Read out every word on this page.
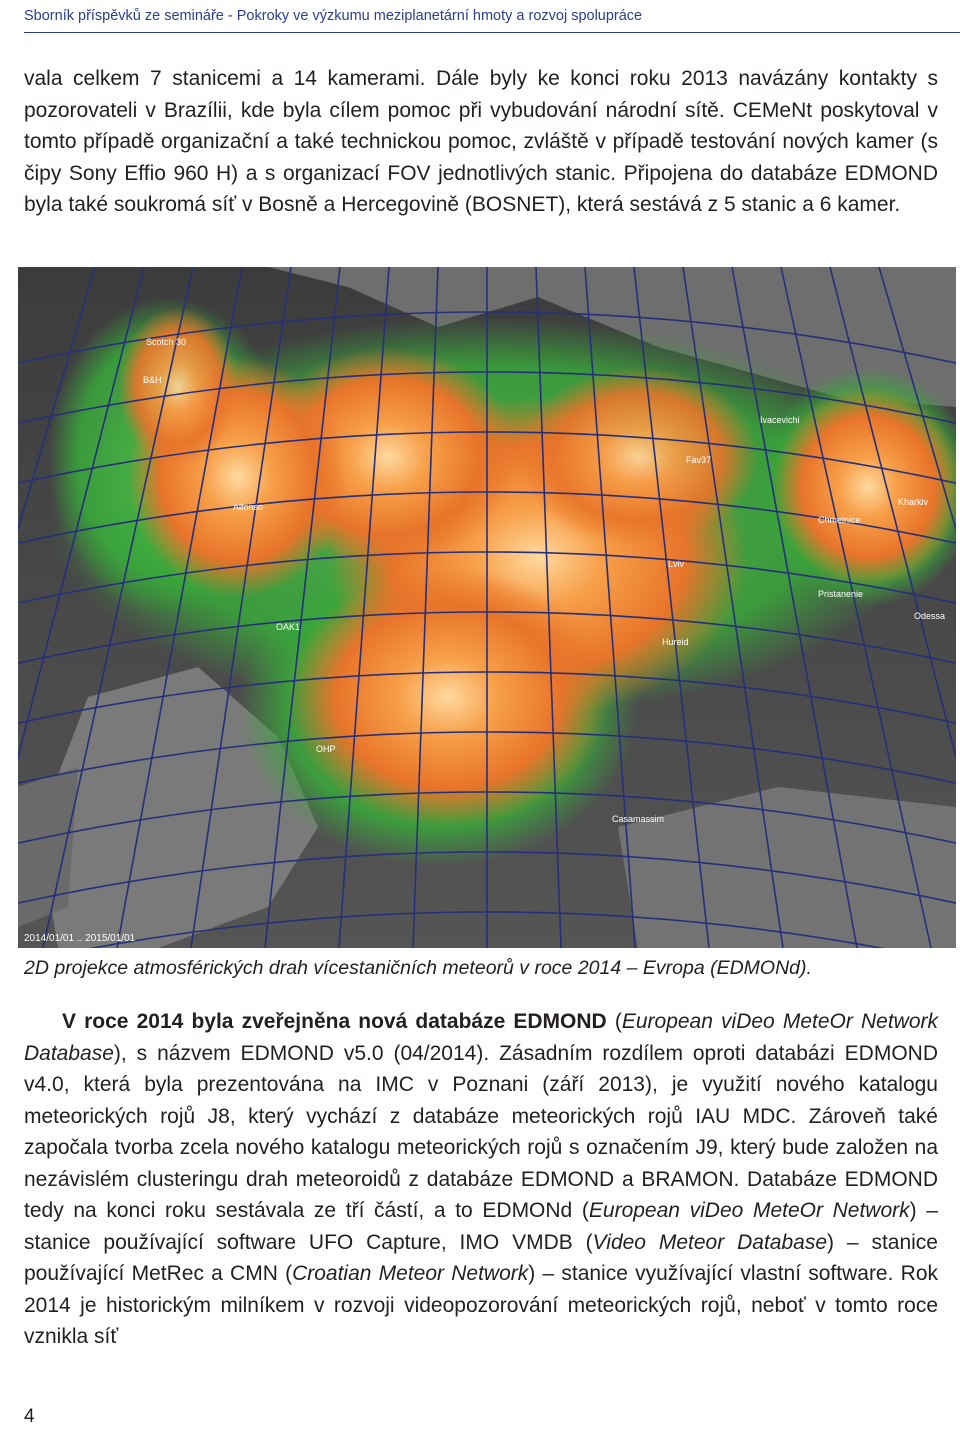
Sborník příspěvků ze semináře - Pokroky ve výzkumu meziplanetární hmoty a rozvoj spolupráce
vala celkem 7 stanicemi a 14 kamerami. Dále byly ke konci roku 2013 navázány kontakty s pozorovateli v Brazílii, kde byla cílem pomoc při vybudování národní sítě. CEMeNt poskytoval v tomto případě organizační a také technickou pomoc, zvláště v případě testování nových kamer (s čipy Sony Effio 960 H) a s organizací FOV jednotlivých stanic. Připojena do databáze EDMOND byla také soukromá síť v Bosně a Hercegovině (BOSNET), která sestává z 5 stanic a 6 kamer.
Scotch 30
B&H
Ivacevichi
Fav37
Chmelnice
Kharkiv
Odessa
Pristanenie
Hureid
OAK1
OHP
Casamassim
Lviv
Alfonso
2014/01/01 .. 2015/01/01
2D projekce atmosférických drah vícestaničních meteorů v roce 2014 – Evropa (EDMONd).
V roce 2014 byla zveřejněna nová databáze EDMOND (European viDeo MeteOr Network Database), s názvem EDMOND v5.0 (04/2014). Zásadním rozdílem oproti databázi EDMOND v4.0, která byla prezentována na IMC v Poznani (září 2013), je využití nového katalogu meteorických rojů J8, který vychází z databáze meteorických rojů IAU MDC. Zároveň také započala tvorba zcela nového katalogu meteorických rojů s označením J9, který bude založen na nezávislém clusteringu drah meteoroidů z databáze EDMOND a BRAMON. Databáze EDMOND tedy na konci roku sestávala ze tří částí, a to EDMONd (European viDeo MeteOr Network) – stanice používající software UFO Capture, IMO VMDB (Video Meteor Database) – stanice používající MetRec a CMN (Croatian Meteor Network) – stanice využívající vlastní software. Rok 2014 je historickým milníkem v rozvoji videopozorování meteorických rojů, neboť v tomto roce vznikla síť
4
